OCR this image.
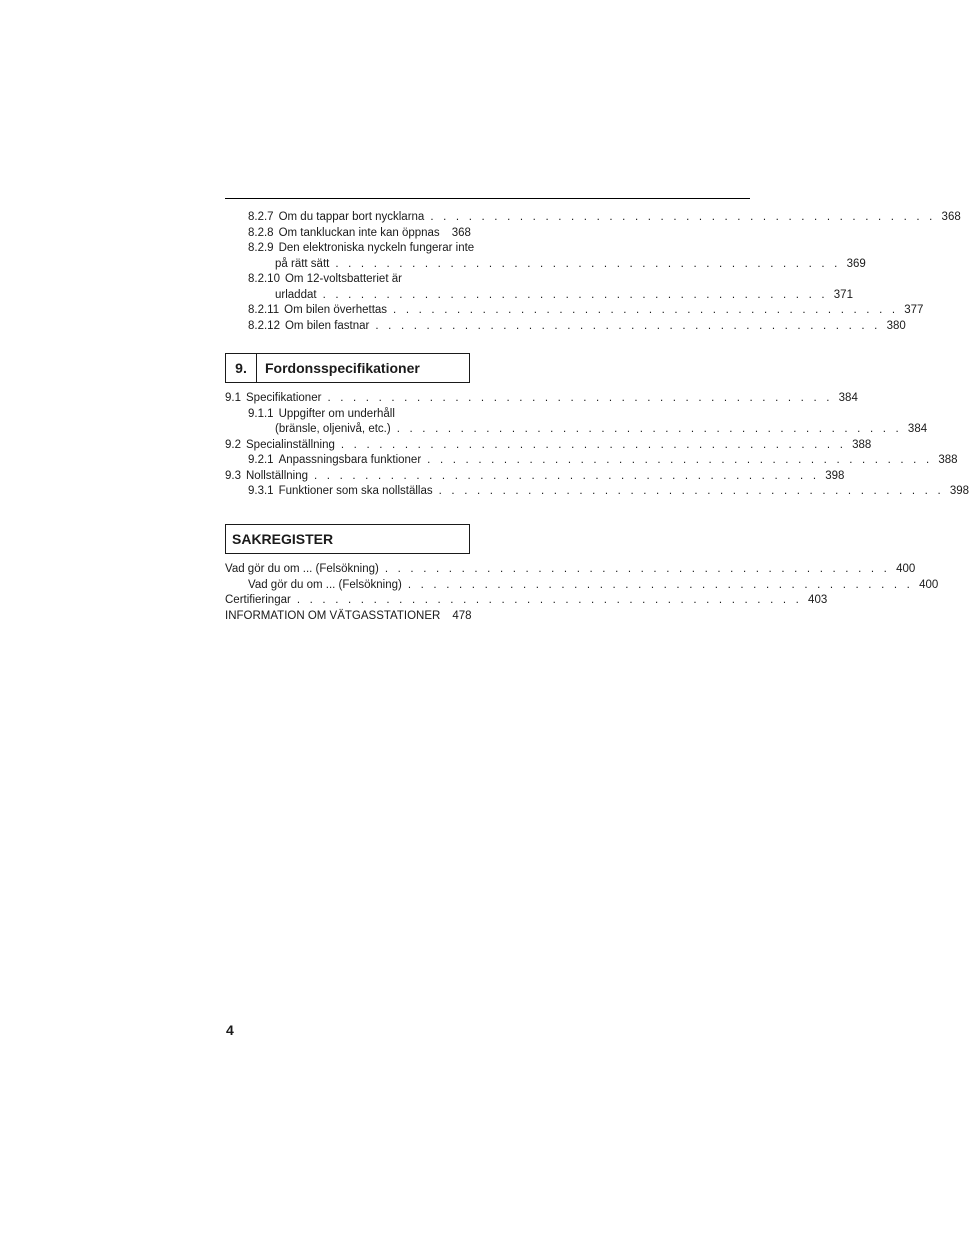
8.2.7 Om du tappar bort nycklarna . . . . . . . . . . . . . . . . . . . . . . . . . . . . . . . . . . . . . . . . 368
8.2.8 Om tankluckan inte kan öppnas 368
8.2.9 Den elektroniska nyckeln fungerar inte
på rätt sätt . . . . . . . . . . . . . . . . . . . . . . . . . . . . . . . . . . . . . . . . 369
8.2.10 Om 12-voltsbatteriet är
urladdat . . . . . . . . . . . . . . . . . . . . . . . . . . . . . . . . . . . . . . . . 371
8.2.11 Om bilen överhettas . . . . . . . . . . . . . . . . . . . . . . . . . . . . . . . . . . . . . . . . 377
8.2.12 Om bilen fastnar . . . . . . . . . . . . . . . . . . . . . . . . . . . . . . . . . . . . . . . . 380
9.	Fordonsspecifikationer
9.1 Specifikationer . . . . . . . . . . . . . . . . . . . . . . . . . . . . . . . . . . . . . . . . 384
9.1.1 Uppgifter om underhåll
(bränsle, oljenivå, etc.) . . . . . . . . . . . . . . . . . . . . . . . . . . . . . . . . . . . . . . . . 384
9.2 Specialinställning . . . . . . . . . . . . . . . . . . . . . . . . . . . . . . . . . . . . . . . . 388
9.2.1 Anpassningsbara funktioner . . . . . . . . . . . . . . . . . . . . . . . . . . . . . . . . . . . . . . . . 388
9.3 Nollställning . . . . . . . . . . . . . . . . . . . . . . . . . . . . . . . . . . . . . . . . 398
9.3.1 Funktioner som ska nollställas . . . . . . . . . . . . . . . . . . . . . . . . . . . . . . . . . . . . . . . . 398
SAKREGISTER
Vad gör du om ... (Felsökning) . . . . . . . . . . . . . . . . . . . . . . . . . . . . . . . . . . . . . . . . 400
Vad gör du om ... (Felsökning) . . . . . . . . . . . . . . . . . . . . . . . . . . . . . . . . . . . . . . . . 400
Certifieringar . . . . . . . . . . . . . . . . . . . . . . . . . . . . . . . . . . . . . . . . 403
INFORMATION OM VÄTGASSTATIONER 478
4
